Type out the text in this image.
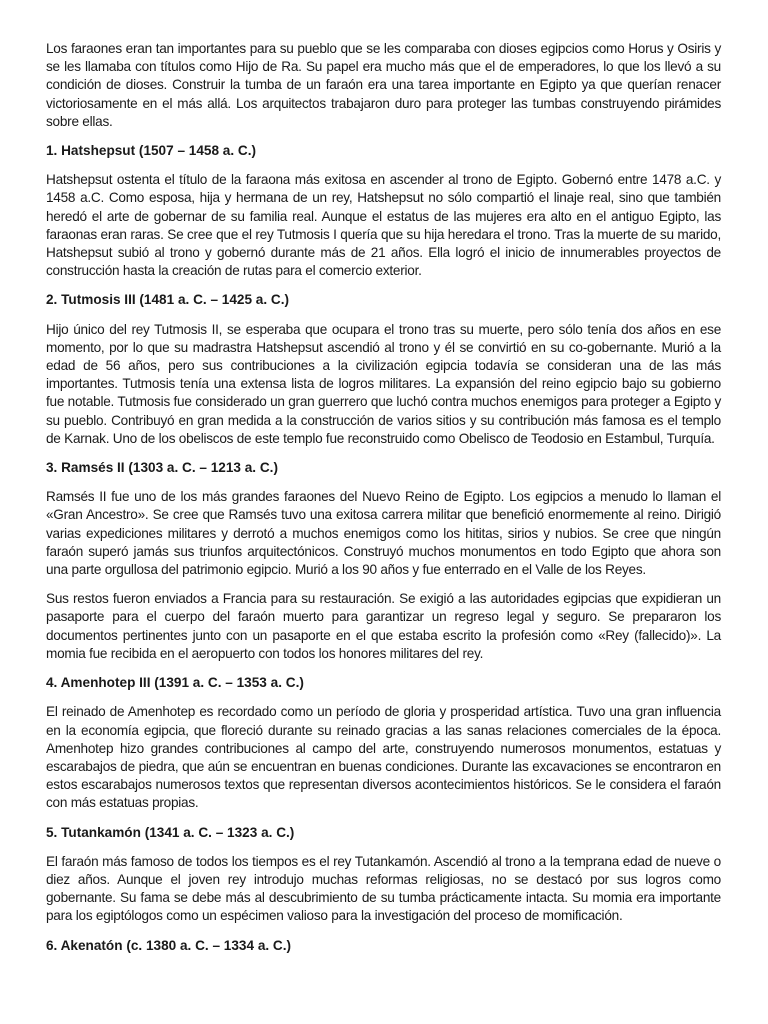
Los faraones eran tan importantes para su pueblo que se les comparaba con dioses egipcios como Horus y Osiris y se les llamaba con títulos como Hijo de Ra. Su papel era mucho más que el de emperadores, lo que los llevó a su condición de dioses. Construir la tumba de un faraón era una tarea importante en Egipto ya que querían renacer victoriosamente en el más allá. Los arquitectos trabajaron duro para proteger las tumbas construyendo pirámides sobre ellas.

1. Hatshepsut (1507 – 1458 a. C.)

Hatshepsut ostenta el título de la faraona más exitosa en ascender al trono de Egipto. Gobernó entre 1478 a.C. y 1458 a.C. Como esposa, hija y hermana de un rey, Hatshepsut no sólo compartió el linaje real, sino que también heredó el arte de gobernar de su familia real. Aunque el estatus de las mujeres era alto en el antiguo Egipto, las faraonas eran raras. Se cree que el rey Tutmosis I quería que su hija heredara el trono. Tras la muerte de su marido, Hatshepsut subió al trono y gobernó durante más de 21 años. Ella logró el inicio de innumerables proyectos de construcción hasta la creación de rutas para el comercio exterior.

2. Tutmosis III (1481 a. C. – 1425 a. C.)

Hijo único del rey Tutmosis II, se esperaba que ocupara el trono tras su muerte, pero sólo tenía dos años en ese momento, por lo que su madrastra Hatshepsut ascendió al trono y él se convirtió en su co-gobernante. Murió a la edad de 56 años, pero sus contribuciones a la civilización egipcia todavía se consideran una de las más importantes. Tutmosis tenía una extensa lista de logros militares. La expansión del reino egipcio bajo su gobierno fue notable. Tutmosis fue considerado un gran guerrero que luchó contra muchos enemigos para proteger a Egipto y su pueblo. Contribuyó en gran medida a la construcción de varios sitios y su contribución más famosa es el templo de Karnak. Uno de los obeliscos de este templo fue reconstruido como Obelisco de Teodosio en Estambul, Turquía.

3. Ramsés II (1303 a. C. – 1213 a. C.)

Ramsés II fue uno de los más grandes faraones del Nuevo Reino de Egipto. Los egipcios a menudo lo llaman el «Gran Ancestro». Se cree que Ramsés tuvo una exitosa carrera militar que benefició enormemente al reino. Dirigió varias expediciones militares y derrotó a muchos enemigos como los hititas, sirios y nubios. Se cree que ningún faraón superó jamás sus triunfos arquitectónicos. Construyó muchos monumentos en todo Egipto que ahora son una parte orgullosa del patrimonio egipcio. Murió a los 90 años y fue enterrado en el Valle de los Reyes.

Sus restos fueron enviados a Francia para su restauración. Se exigió a las autoridades egipcias que expidieran un pasaporte para el cuerpo del faraón muerto para garantizar un regreso legal y seguro. Se prepararon los documentos pertinentes junto con un pasaporte en el que estaba escrito la profesión como «Rey (fallecido)». La momia fue recibida en el aeropuerto con todos los honores militares del rey.

4. Amenhotep III (1391 a. C. – 1353 a. C.)

El reinado de Amenhotep es recordado como un período de gloria y prosperidad artística. Tuvo una gran influencia en la economía egipcia, que floreció durante su reinado gracias a las sanas relaciones comerciales de la época. Amenhotep hizo grandes contribuciones al campo del arte, construyendo numerosos monumentos, estatuas y escarabajos de piedra, que aún se encuentran en buenas condiciones. Durante las excavaciones se encontraron en estos escarabajos numerosos textos que representan diversos acontecimientos históricos. Se le considera el faraón con más estatuas propias.

5. Tutankamón (1341 a. C. – 1323 a. C.)

El faraón más famoso de todos los tiempos es el rey Tutankamón. Ascendió al trono a la temprana edad de nueve o diez años. Aunque el joven rey introdujo muchas reformas religiosas, no se destacó por sus logros como gobernante. Su fama se debe más al descubrimiento de su tumba prácticamente intacta. Su momia era importante para los egiptólogos como un espécimen valioso para la investigación del proceso de momificación.

6. Akenatón (c. 1380 a. C. – 1334 a. C.)
